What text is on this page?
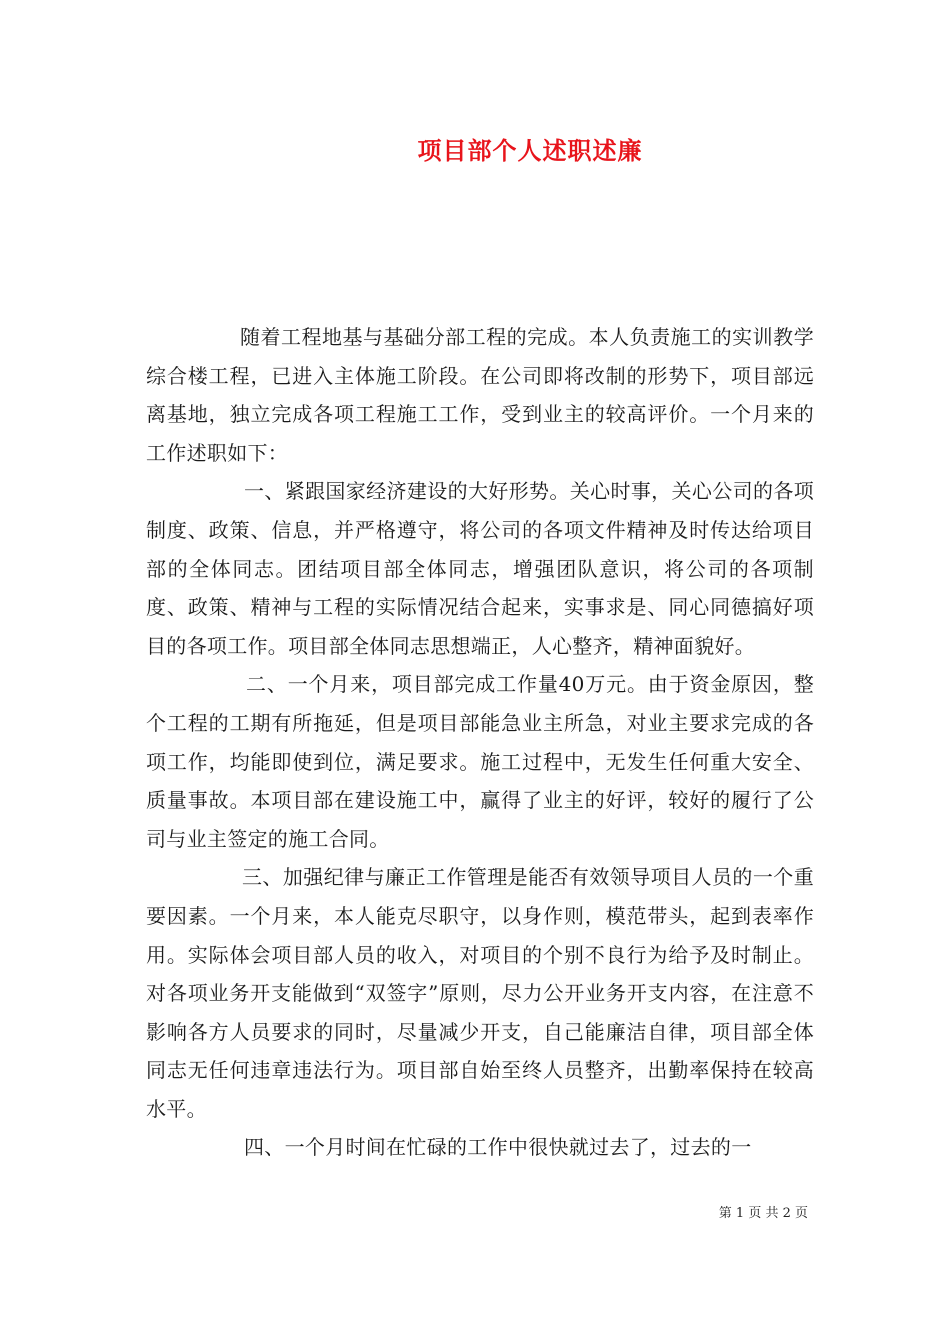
项目部个人述职述廉

随着工程地基与基础分部工程的完成。本人负责施工的实训教学综合楼工程，已进入主体施工阶段。在公司即将改制的形势下，项目部远离基地，独立完成各项工程施工工作，受到业主的较高评价。一个月来的工作述职如下：

一、紧跟国家经济建设的大好形势。关心时事，关心公司的各项制度、政策、信息，并严格遵守，将公司的各项文件精神及时传达给项目部的全体同志。团结项目部全体同志，增强团队意识，将公司的各项制度、政策、精神与工程的实际情况结合起来，实事求是、同心同德搞好项目的各项工作。项目部全体同志思想端正，人心整齐，精神面貌好。

二、一个月来，项目部完成工作量40万元。由于资金原因，整个工程的工期有所拖延，但是项目部能急业主所急，对业主要求完成的各项工作，均能即使到位，满足要求。施工过程中，无发生任何重大安全、质量事故。本项目部在建设施工中，赢得了业主的好评，较好的履行了公司与业主签定的施工合同。

三、加强纪律与廉正工作管理是能否有效领导项目人员的一个重要因素。一个月来，本人能克尽职守，以身作则，模范带头，起到表率作用。实际体会项目部人员的收入，对项目的个别不良行为给予及时制止。对各项业务开支能做到“双签字”原则，尽力公开业务开支内容，在注意不影响各方人员要求的同时，尽量减少开支，自己能廉洁自律，项目部全体同志无任何违章违法行为。项目部自始至终人员整齐，出勤率保持在较高水平。

四、一个月时间在忙碌的工作中很快就过去了，过去的一

第 1 页 共 2 页
